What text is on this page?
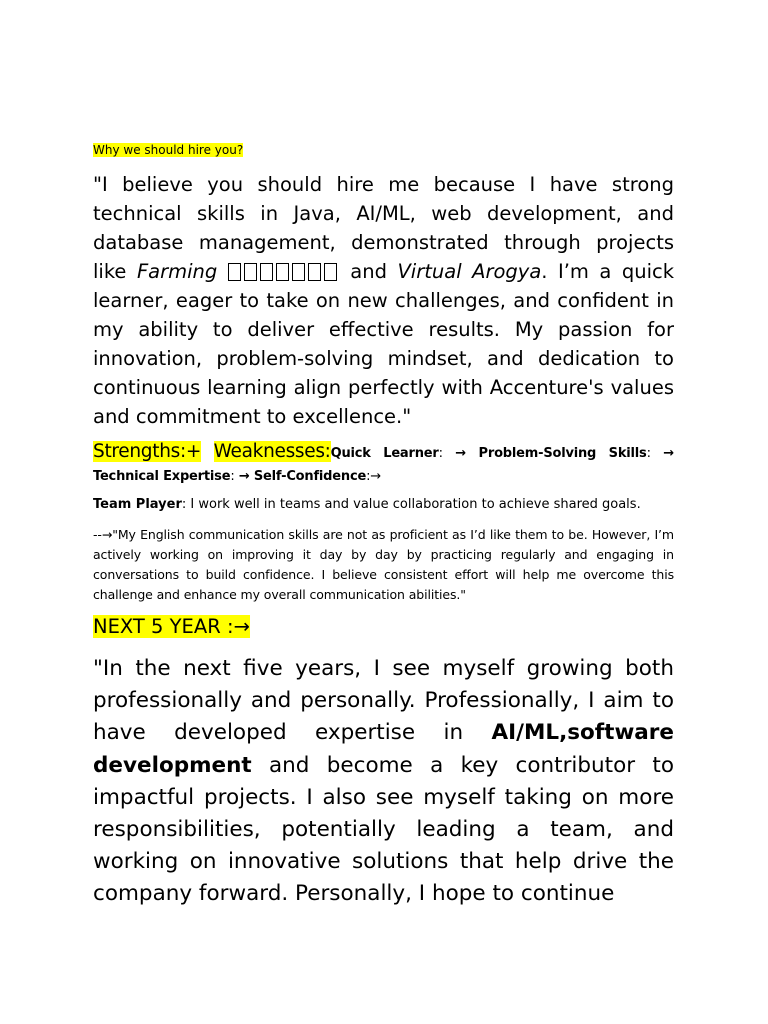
Why we should hire you?
"I believe you should hire me because I have strong technical skills in Java, AI/ML, web development, and database management, demonstrated through projects like Farming	and Virtual Arogya. I’m a quick learner, eager to take on new challenges, and confident in my ability to deliver effective results. My passion for innovation, problem-solving mindset, and dedication to continuous learning align perfectly with Accenture's values and commitment to excellence."
Strengths:+ Weaknesses:Quick Learner: → Problem-Solving Skills: → Technical Expertise: → Self-Confidence:→
Team Player: I work well in teams and value collaboration to achieve shared goals.
--→"My English communication skills are not as proficient as I’d like them to be. However, I’m actively working on improving it day by day by practicing regularly and engaging in conversations to build confidence. I believe consistent effort will help me overcome this challenge and enhance my overall communication abilities."
NEXT 5 YEAR :→
"In the next five years, I see myself growing both professionally and personally. Professionally, I aim to have developed expertise in AI/ML,software development and become a key contributor to impactful projects. I also see myself taking on more responsibilities, potentially leading a team, and working on innovative solutions that help drive the company forward. Personally, I hope to continue
